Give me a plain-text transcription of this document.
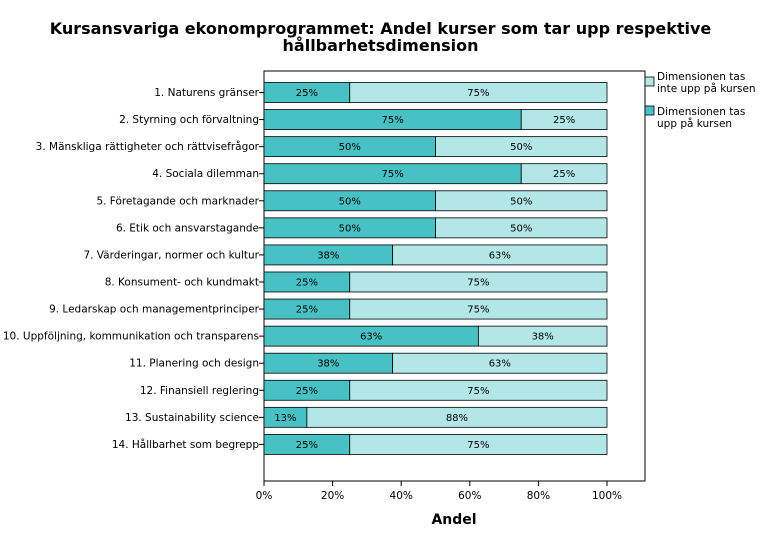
Kursansvariga ekonomprogrammet: Andel kurser som tar upp respektive
hållbarhetsdimension
25%	75%
75%	25%
50%	50%
75%	25%
50%	50%
50%	50%
38%	63%
25%	75%
25%	75%
63%	38%
38%	63%
25%	75%
13%	88%
25%	75%
1. Naturens gränser
2. Styrning och förvaltning
3. Mänskliga rättigheter och rättvisefrågor
4. Sociala dilemman
5. Företagande och marknader
6. Etik och ansvarstagande
7. Värderingar, normer och kultur
8. Konsument- och kundmakt
9. Ledarskap och managementprinciper
10. Uppföljning, kommunikation och transparens
11. Planering och design
12. Finansiell reglering
13. Sustainability science
14. Hållbarhet som begrepp
0%	20%	40%	60%	80%	100%
Andel
Dimensionen tas
inte upp på kursen
Dimensionen tas
upp på kursen
